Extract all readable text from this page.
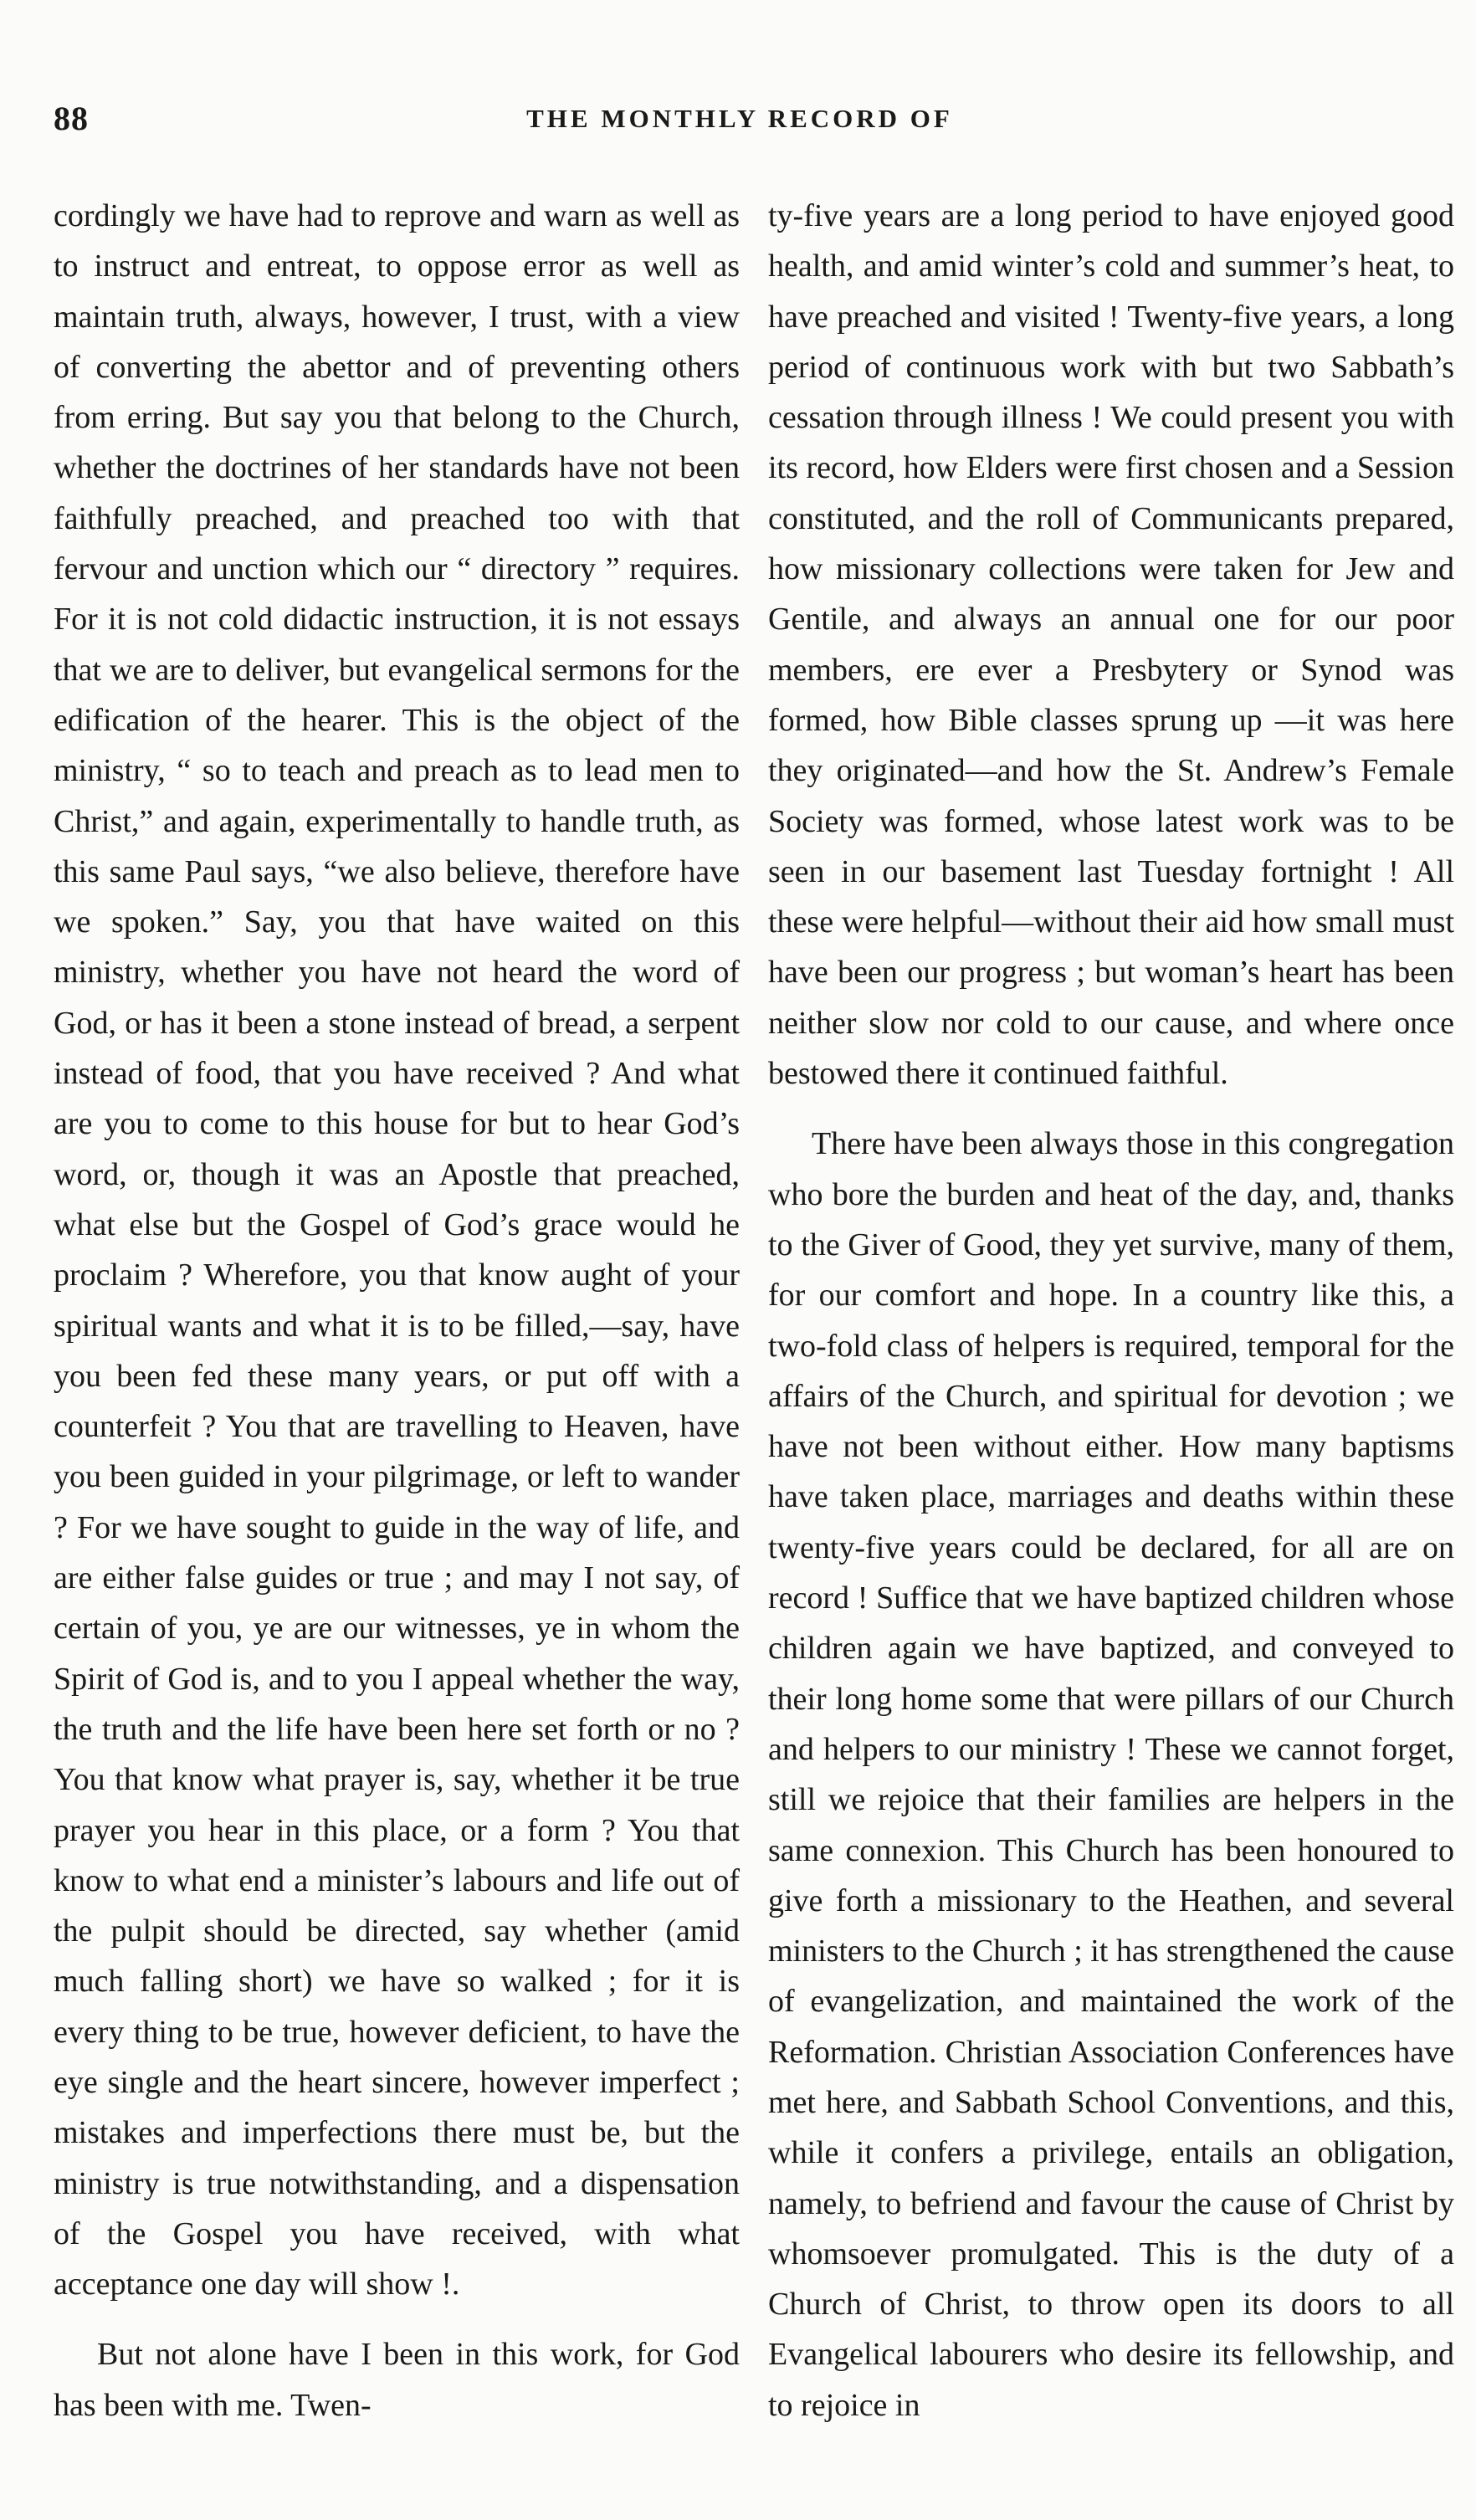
88	THE MONTHLY RECORD OF

cordingly we have had to reprove and warn as well as to instruct and entreat, to oppose error as well as maintain truth, always, however, I trust, with a view of converting the abettor and of preventing others from erring. But say you that belong to the Church, whether the doctrines of her standards have not been faithfully preached, and preached too with that fervour and unction which our “ directory ” requires. For it is not cold didactic instruction, it is not essays that we are to deliver, but evangelical sermons for the edification of the hearer. This is the object of the ministry, “ so to teach and preach as to lead men to Christ,” and again, experimentally to handle truth, as this same Paul says, “we also believe, therefore have we spoken.” Say, you that have waited on this ministry, whether you have not heard the word of God, or has it been a stone instead of bread, a serpent instead of food, that you have received ? And what are you to come to this house for but to hear God’s word, or, though it was an Apostle that preached, what else but the Gospel of God’s grace would he proclaim ? Wherefore, you that know aught of your spiritual wants and what it is to be filled,—say, have you been fed these many years, or put off with a counterfeit ? You that are travelling to Heaven, have you been guided in your pilgrimage, or left to wander ? For we have sought to guide in the way of life, and are either false guides or true ; and may I not say, of certain of you, ye are our witnesses, ye in whom the Spirit of God is, and to you I appeal whether the way, the truth and the life have been here set forth or no ? You that know what prayer is, say, whether it be true prayer you hear in this place, or a form ? You that know to what end a minister’s labours and life out of the pulpit should be directed, say whether (amid much falling short) we have so walked ; for it is every thing to be true, however deficient, to have the eye single and the heart sincere, however imperfect ; mistakes and imperfections there must be, but the ministry is true notwithstanding, and a dispensation of the Gospel you have received, with what acceptance one day will show !.

But not alone have I been in this work, for God has been with me. Twen-

ty-five years are a long period to have enjoyed good health, and amid winter’s cold and summer’s heat, to have preached and visited ! Twenty-five years, a long period of continuous work with but two Sabbath’s cessation through illness ! We could present you with its record, how Elders were first chosen and a Session constituted, and the roll of Communicants prepared, how missionary collections were taken for Jew and Gentile, and always an annual one for our poor members, ere ever a Presbytery or Synod was formed, how Bible classes sprung up —it was here they originated—and how the St. Andrew’s Female Society was formed, whose latest work was to be seen in our basement last Tuesday fortnight ! All these were helpful—without their aid how small must have been our progress ; but woman’s heart has been neither slow nor cold to our cause, and where once bestowed there it continued faithful.

There have been always those in this congregation who bore the burden and heat of the day, and, thanks to the Giver of Good, they yet survive, many of them, for our comfort and hope. In a country like this, a two-fold class of helpers is required, temporal for the affairs of the Church, and spiritual for devotion ; we have not been without either. How many baptisms have taken place, marriages and deaths within these twenty-five years could be declared, for all are on record ! Suffice that we have baptized children whose children again we have baptized, and conveyed to their long home some that were pillars of our Church and helpers to our ministry ! These we cannot forget, still we rejoice that their families are helpers in the same connexion. This Church has been honoured to give forth a missionary to the Heathen, and several ministers to the Church ; it has strengthened the cause of evangelization, and maintained the work of the Reformation. Christian Association Conferences have met here, and Sabbath School Conventions, and this, while it confers a privilege, entails an obligation, namely, to befriend and favour the cause of Christ by whomsoever promulgated. This is the duty of a Church of Christ, to throw open its doors to all Evangelical labourers who desire its fellowship, and to rejoice in
